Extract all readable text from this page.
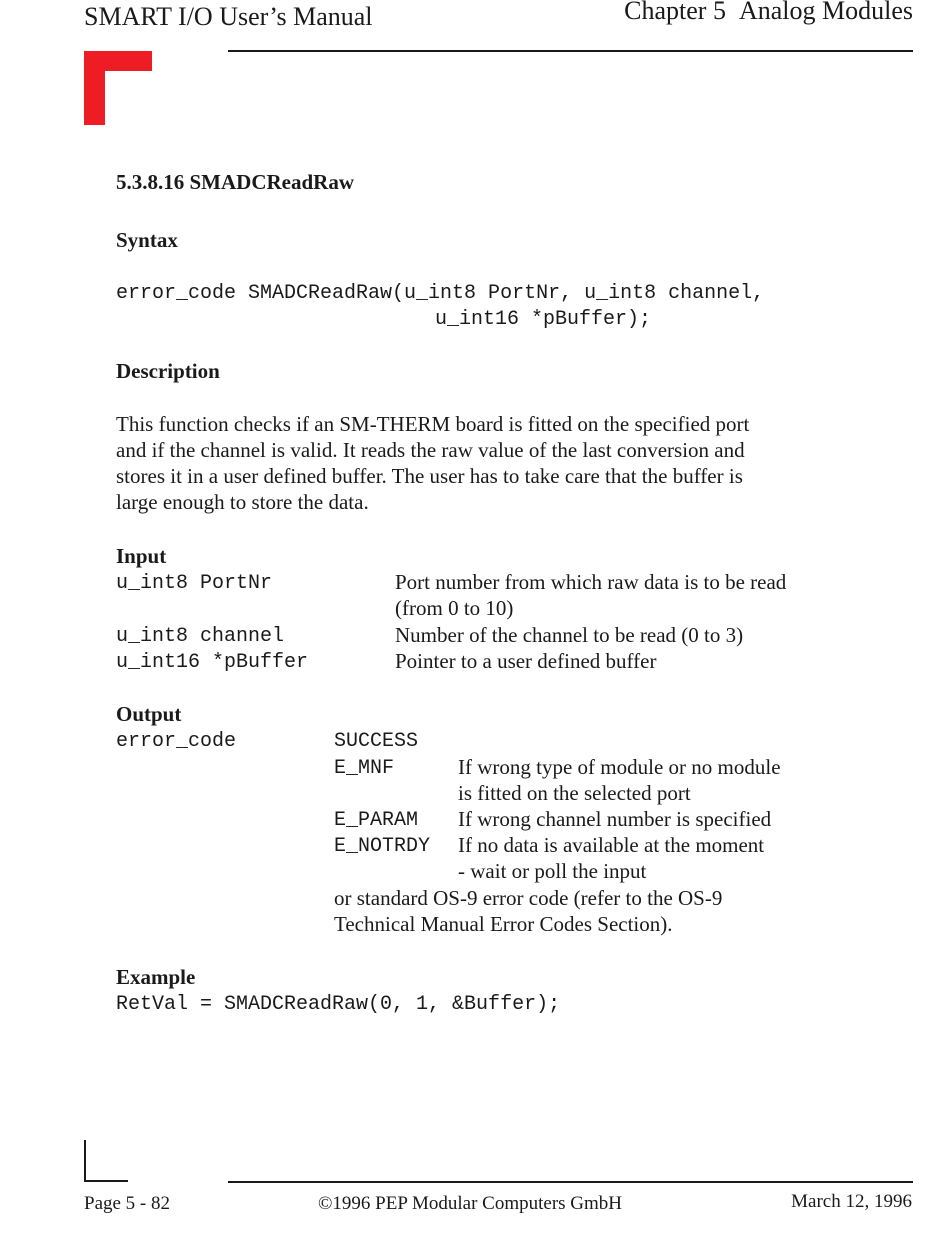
SMART I/O User’s Manual	Chapter 5 Analog Modules
5.3.8.16 SMADCReadRaw
Syntax
error_code SMADCReadRaw(u_int8 PortNr, u_int8 channel,
u_int16 *pBuffer);
Description
This function checks if an SM-THERM board is fitted on the specified port
and if the channel is valid. It reads the raw value of the last conversion and
stores it in a user defined buffer. The user has to take care that the buffer is
large enough to store the data.
Input
u_int8 PortNr	Port number from which raw data is to be read
(from 0 to 10)
u_int8 channel	Number of the channel to be read (0 to 3)
u_int16 *pBuffer	Pointer to a user defined buffer
Output
error_code	SUCCESS
E_MNF	If wrong type of module or no module
is fitted on the selected port
E_PARAM If wrong channel number is specified
E_NOTRDY If no data is available at the moment
- wait or poll the input
or standard OS-9 error code (refer to the OS-9
Technical Manual Error Codes Section).
Example
RetVal = SMADCReadRaw(0, 1, &Buffer);
Page 5 - 82	©1996 PEP Modular Computers GmbH	March 12, 1996
